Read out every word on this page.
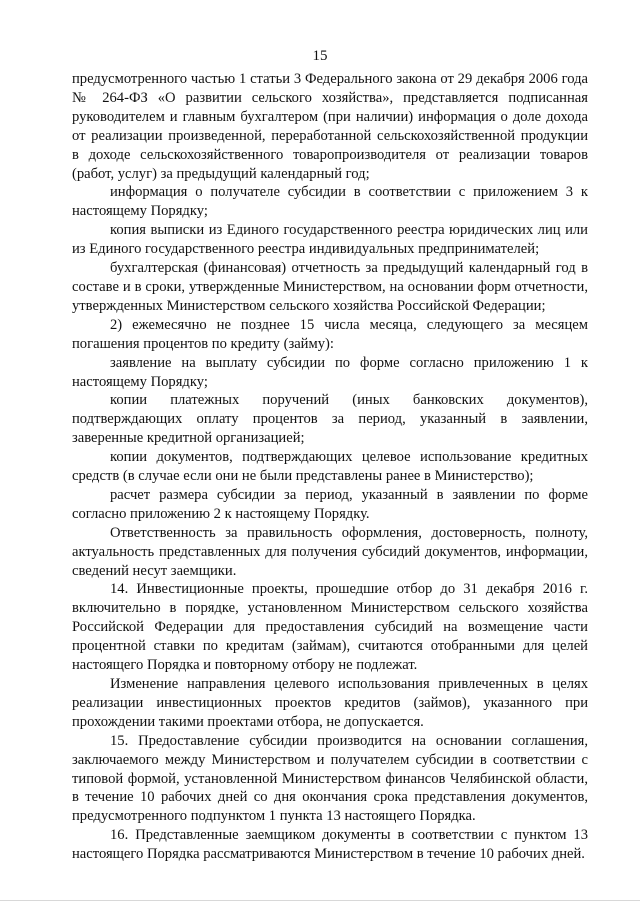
15

предусмотренного частью 1 статьи 3 Федерального закона от 29 декабря 2006 года № 264-ФЗ «О развитии сельского хозяйства», представляется подписанная руководителем и главным бухгалтером (при наличии) информация о доле дохода от реализации произведенной, переработанной сельскохозяйственной продукции в доходе сельскохозяйственного товаропроизводителя от реализации товаров (работ, услуг) за предыдущий календарный год;

информация о получателе субсидии в соответствии с приложением 3 к настоящему Порядку;

копия выписки из Единого государственного реестра юридических лиц или из Единого государственного реестра индивидуальных предпринимателей;

бухгалтерская (финансовая) отчетность за предыдущий календарный год в составе и в сроки, утвержденные Министерством, на основании форм отчетности, утвержденных Министерством сельского хозяйства Российской Федерации;

2) ежемесячно не позднее 15 числа месяца, следующего за месяцем погашения процентов по кредиту (займу):

заявление на выплату субсидии по форме согласно приложению 1 к настоящему Порядку;

копии платежных поручений (иных банковских документов), подтверждающих оплату процентов за период, указанный в заявлении, заверенные кредитной организацией;

копии документов, подтверждающих целевое использование кредитных средств (в случае если они не были представлены ранее в Министерство);

расчет размера субсидии за период, указанный в заявлении по форме согласно приложению 2 к настоящему Порядку.

Ответственность за правильность оформления, достоверность, полноту, актуальность представленных для получения субсидий документов, информации, сведений несут заемщики.

14. Инвестиционные проекты, прошедшие отбор до 31 декабря 2016 г. включительно в порядке, установленном Министерством сельского хозяйства Российской Федерации для предоставления субсидий на возмещение части процентной ставки по кредитам (займам), считаются отобранными для целей настоящего Порядка и повторному отбору не подлежат.

Изменение направления целевого использования привлеченных в целях реализации инвестиционных проектов кредитов (займов), указанного при прохождении такими проектами отбора, не допускается.

15. Предоставление субсидии производится на основании соглашения, заключаемого между Министерством и получателем субсидии в соответствии с типовой формой, установленной Министерством финансов Челябинской области, в течение 10 рабочих дней со дня окончания срока представления документов, предусмотренного подпунктом 1 пункта 13 настоящего Порядка.

16. Представленные заемщиком документы в соответствии с пунктом 13 настоящего Порядка рассматриваются Министерством в течение 10 рабочих дней.
